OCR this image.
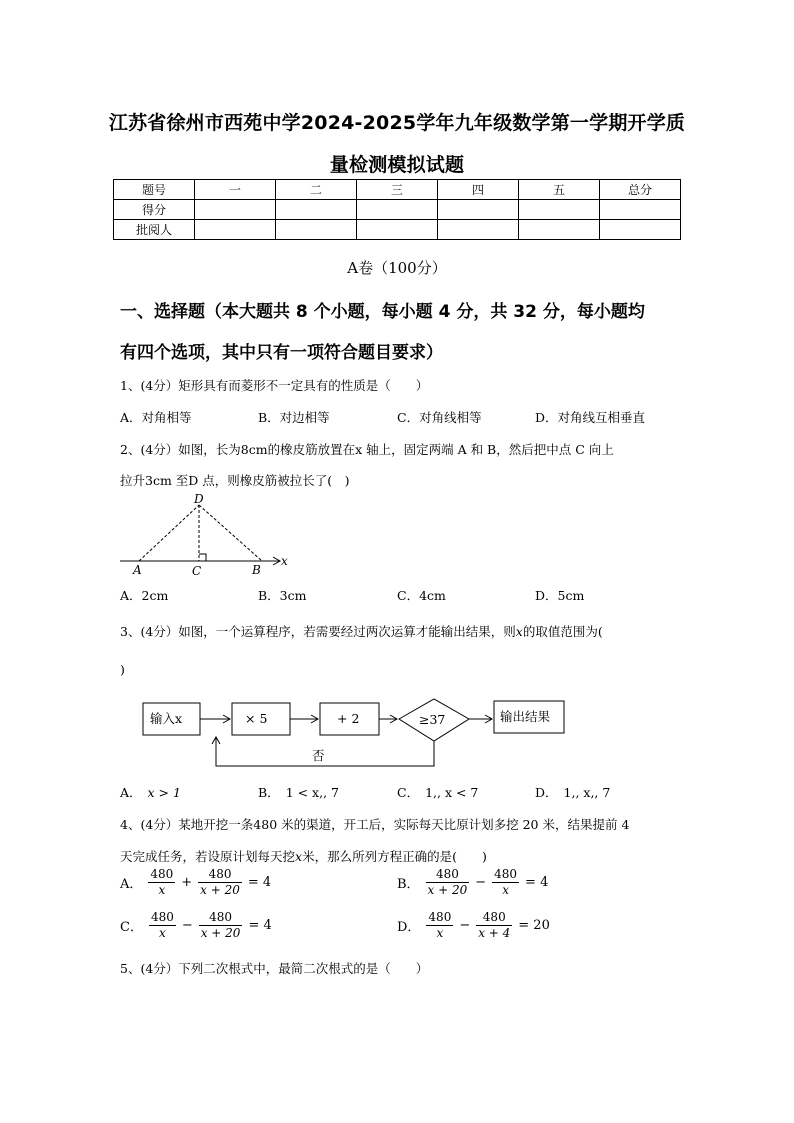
江苏省徐州市西苑中学2024-2025学年九年级数学第一学期开学质
量检测模拟试题
题号	一	二	三	四	五	总分
得分						
批阅人						
A卷（100分）
一、选择题（本大题共 8 个小题，每小题 4 分，共 32 分，每小题均
有四个选项，其中只有一项符合题目要求）
1、(4分）矩形具有而菱形不一定具有的性质是（　　）
A．对角相等	B．对边相等	C．对角线相等	D．对角线互相垂直
2、(4分）如图，长为8cm的橡皮筋放置在x 轴上，固定两端 A 和 B，然后把中点 C 向上
拉升3cm 至D 点，则橡皮筋被拉长了(　)
D
A	C	B
x
A．2cm	B．3cm	C．4cm	D．5cm
3、(4分）如图，一个运算程序，若需要经过两次运算才能输出结果，则x的取值范围为(
)
输入x	× 5	+ 2	≥37	输出结果
否
A． x > 1	B． 1 < x,, 7	C． 1,, x < 7	D． 1,, x,, 7
4、(4分）某地开挖一条480 米的渠道，开工后，实际每天比原计划多挖 20 米，结果提前 4
天完成任务，若设原计划每天挖x米，那么所列方程正确的是(　　)
A． $\frac{480}{x} + \frac{480}{x + 20} = 4$	B． $\frac{480}{x + 20} - \frac{480}{x} = 4$
C． $\frac{480}{x} - \frac{480}{x + 20} = 4$	D． $\frac{480}{x} - \frac{480}{x + 4} = 20$
5、(4分）下列二次根式中，最简二次根式的是（　　）
